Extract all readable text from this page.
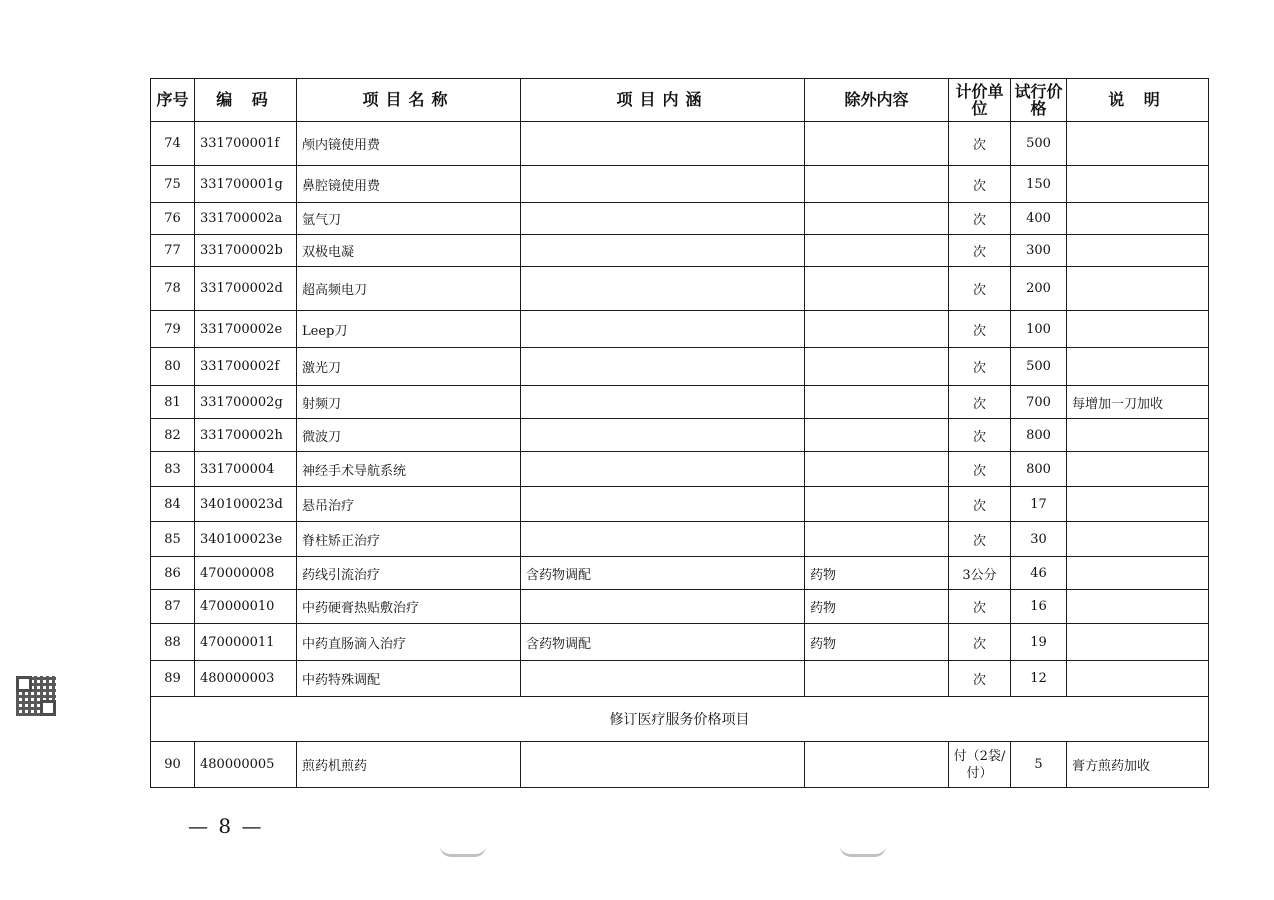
序号	编 码	项目名称	项目内涵	除外内容	计价单位	试行价格	说 明
74	331700001f	颅内镜使用费			次	500	
75	331700001g	鼻腔镜使用费			次	150	
76	331700002a	氩气刀			次	400	
77	331700002b	双极电凝			次	300	
78	331700002d	超高频电刀			次	200	
79	331700002e	Leep刀			次	100	
80	331700002f	激光刀			次	500	
81	331700002g	射频刀			次	700	每增加一刀加收
82	331700002h	微波刀			次	800	
83	331700004	神经手术导航系统			次	800	
84	340100023d	悬吊治疗			次	17	
85	340100023e	脊柱矫正治疗			次	30	
86	470000008	药线引流治疗	含药物调配	药物	3公分	46	
87	470000010	中药硬膏热贴敷治疗		药物	次	16	
88	470000011	中药直肠滴入治疗	含药物调配	药物	次	19	
89	480000003	中药特殊调配			次	12	
修订医疗服务价格项目							
90	480000005	煎药机煎药			付（2袋/付）	5	膏方煎药加收
— 8 —
